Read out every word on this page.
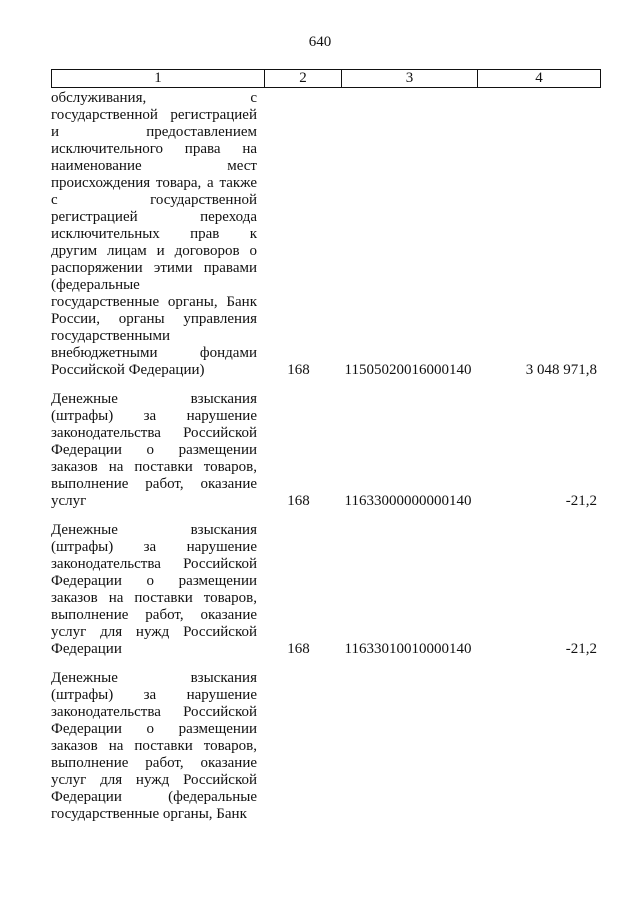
640
1	2	3	4
обслуживания, с
государственной регистрацией
и предоставлением
исключительного права на
наименование мест
происхождения товара, а также
с государственной
регистрацией перехода
исключительных прав к
другим лицам и договоров о
распоряжении этими правами
(федеральные
государственные органы, Банк
России, органы управления
государственными
внебюджетными фондами
Российской Федерации)	168	11505020016000140	3 048 971,8
Денежные взыскания
(штрафы) за нарушение
законодательства Российской
Федерации о размещении
заказов на поставки товаров,
выполнение работ, оказание
услуг	168	11633000000000140	-21,2
Денежные взыскания
(штрафы) за нарушение
законодательства Российской
Федерации о размещении
заказов на поставки товаров,
выполнение работ, оказание
услуг для нужд Российской
Федерации	168	11633010010000140	-21,2
Денежные взыскания
(штрафы) за нарушение
законодательства Российской
Федерации о размещении
заказов на поставки товаров,
выполнение работ, оказание
услуг для нужд Российской
Федерации (федеральные
государственные органы, Банк
